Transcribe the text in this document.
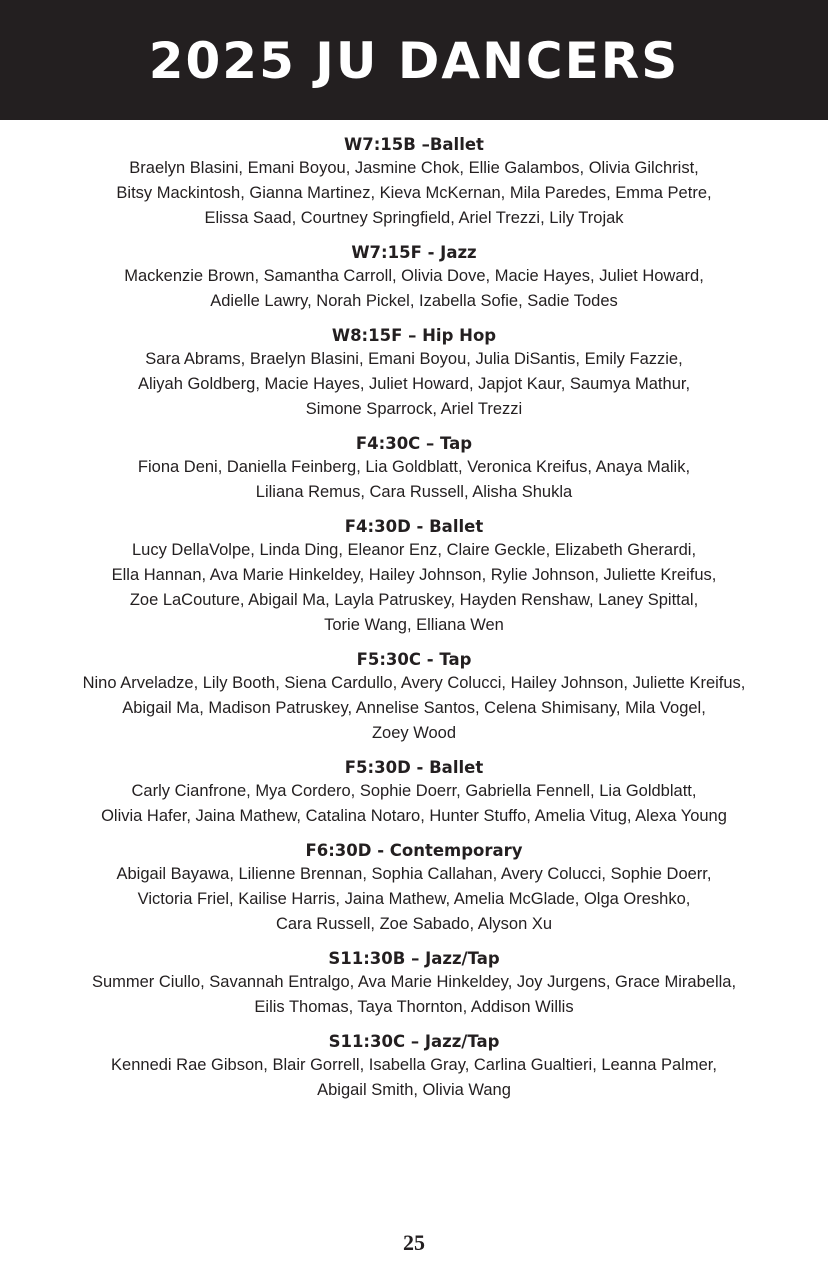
2025 JU DANCERS
W7:15B –Ballet
Braelyn Blasini, Emani Boyou, Jasmine Chok, Ellie Galambos, Olivia Gilchrist,
Bitsy Mackintosh, Gianna Martinez, Kieva McKernan, Mila Paredes, Emma Petre,
Elissa Saad, Courtney Springfield, Ariel Trezzi, Lily Trojak
W7:15F - Jazz
Mackenzie Brown, Samantha Carroll, Olivia Dove, Macie Hayes, Juliet Howard,
Adielle Lawry, Norah Pickel, Izabella Sofie, Sadie Todes
W8:15F – Hip Hop
Sara Abrams, Braelyn Blasini, Emani Boyou, Julia DiSantis, Emily Fazzie,
Aliyah Goldberg, Macie Hayes, Juliet Howard, Japjot Kaur, Saumya Mathur,
Simone Sparrock, Ariel Trezzi
F4:30C – Tap
Fiona Deni, Daniella Feinberg, Lia Goldblatt, Veronica Kreifus, Anaya Malik,
Liliana Remus, Cara Russell, Alisha Shukla
F4:30D - Ballet
Lucy DellaVolpe, Linda Ding, Eleanor Enz, Claire Geckle, Elizabeth Gherardi,
Ella Hannan, Ava Marie Hinkeldey, Hailey Johnson, Rylie Johnson, Juliette Kreifus,
Zoe LaCouture, Abigail Ma, Layla Patruskey, Hayden Renshaw, Laney Spittal,
Torie Wang, Elliana Wen
F5:30C - Tap
Nino Arveladze, Lily Booth, Siena Cardullo, Avery Colucci, Hailey Johnson, Juliette Kreifus,
Abigail Ma, Madison Patruskey, Annelise Santos, Celena Shimisany, Mila Vogel,
Zoey Wood
F5:30D - Ballet
Carly Cianfrone, Mya Cordero, Sophie Doerr, Gabriella Fennell, Lia Goldblatt,
Olivia Hafer, Jaina Mathew, Catalina Notaro, Hunter Stuffo, Amelia Vitug, Alexa Young
F6:30D - Contemporary
Abigail Bayawa, Lilienne Brennan, Sophia Callahan, Avery Colucci, Sophie Doerr,
Victoria Friel, Kailise Harris, Jaina Mathew, Amelia McGlade, Olga Oreshko,
Cara Russell, Zoe Sabado, Alyson Xu
S11:30B – Jazz/Tap
Summer Ciullo, Savannah Entralgo, Ava Marie Hinkeldey, Joy Jurgens, Grace Mirabella,
Eilis Thomas, Taya Thornton, Addison Willis
S11:30C – Jazz/Tap
Kennedi Rae Gibson, Blair Gorrell, Isabella Gray, Carlina Gualtieri, Leanna Palmer,
Abigail Smith, Olivia Wang
25
